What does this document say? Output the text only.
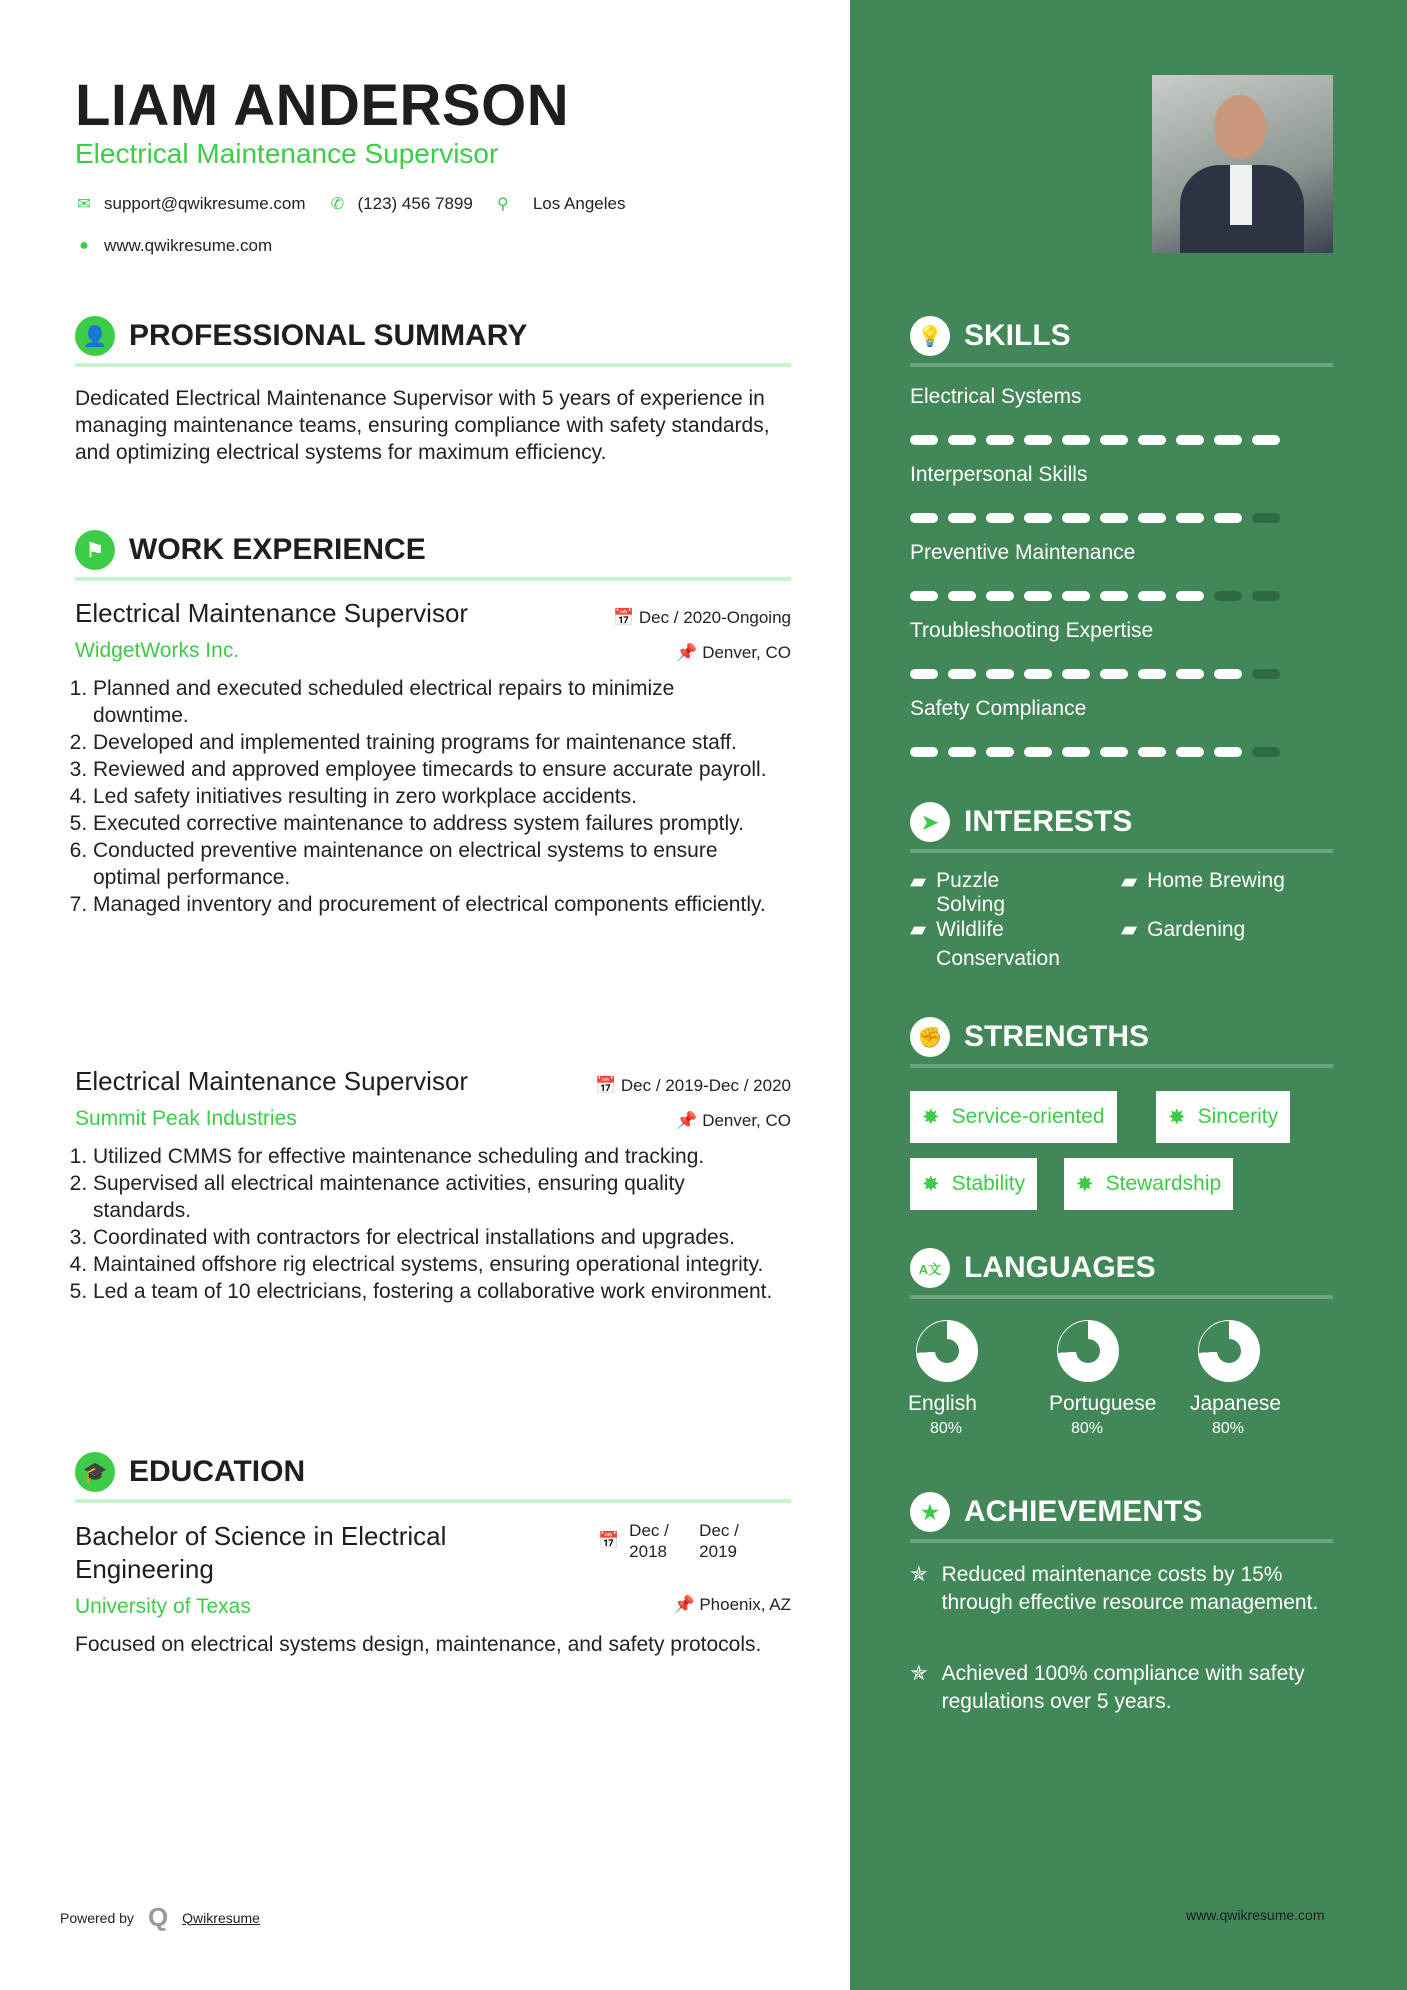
LIAM ANDERSON
Electrical Maintenance Supervisor
✉ support@qwikresume.com	✆ (123) 456 7899	⚲	Los Angeles
● www.qwikresume.com
👤 PROFESSIONAL SUMMARY
Dedicated Electrical Maintenance Supervisor with 5 years of experience in managing maintenance teams, ensuring compliance with safety standards, and optimizing electrical systems for maximum efficiency.
⚑ WORK EXPERIENCE
Electrical Maintenance Supervisor	📅 Dec / 2020-Ongoing
WidgetWorks Inc.	📌 Denver, CO
1. Planned and executed scheduled electrical repairs to minimize downtime.
2. Developed and implemented training programs for maintenance staff.
3. Reviewed and approved employee timecards to ensure accurate payroll.
4. Led safety initiatives resulting in zero workplace accidents.
5. Executed corrective maintenance to address system failures promptly.
6. Conducted preventive maintenance on electrical systems to ensure optimal performance.
7. Managed inventory and procurement of electrical components efficiently.
Electrical Maintenance Supervisor	📅 Dec / 2019-Dec / 2020
Summit Peak Industries	📌 Denver, CO
1. Utilized CMMS for effective maintenance scheduling and tracking.
2. Supervised all electrical maintenance activities, ensuring quality standards.
3. Coordinated with contractors for electrical installations and upgrades.
4. Maintained offshore rig electrical systems, ensuring operational integrity.
5. Led a team of 10 electricians, fostering a collaborative work environment.
🎓 EDUCATION
Bachelor of Science in Electrical Engineering
📅
Dec / 2018
Dec / 2019
📌 Phoenix, AZ
University of Texas
Focused on electrical systems design, maintenance, and safety protocols.
Powered by Q Qwikresume	www.qwikresume.com
💡 SKILLS
Electrical Systems
Interpersonal Skills
Preventive Maintenance
Troubleshooting Expertise
Safety Compliance
➤ INTERESTS
▰ Puzzle Solving
▰ Home Brewing
▰ Wildlife Conservation
▰ Gardening
✊ STRENGTHS
✸ Service-oriented	✸ Sincerity
✸ Stability ✸ Stewardship
A文 LANGUAGES
English
80%
Portuguese
80%
Japanese
80%
★ ACHIEVEMENTS
✯ Reduced maintenance costs by 15% through effective resource management.
✯ Achieved 100% compliance with safety regulations over 5 years.
